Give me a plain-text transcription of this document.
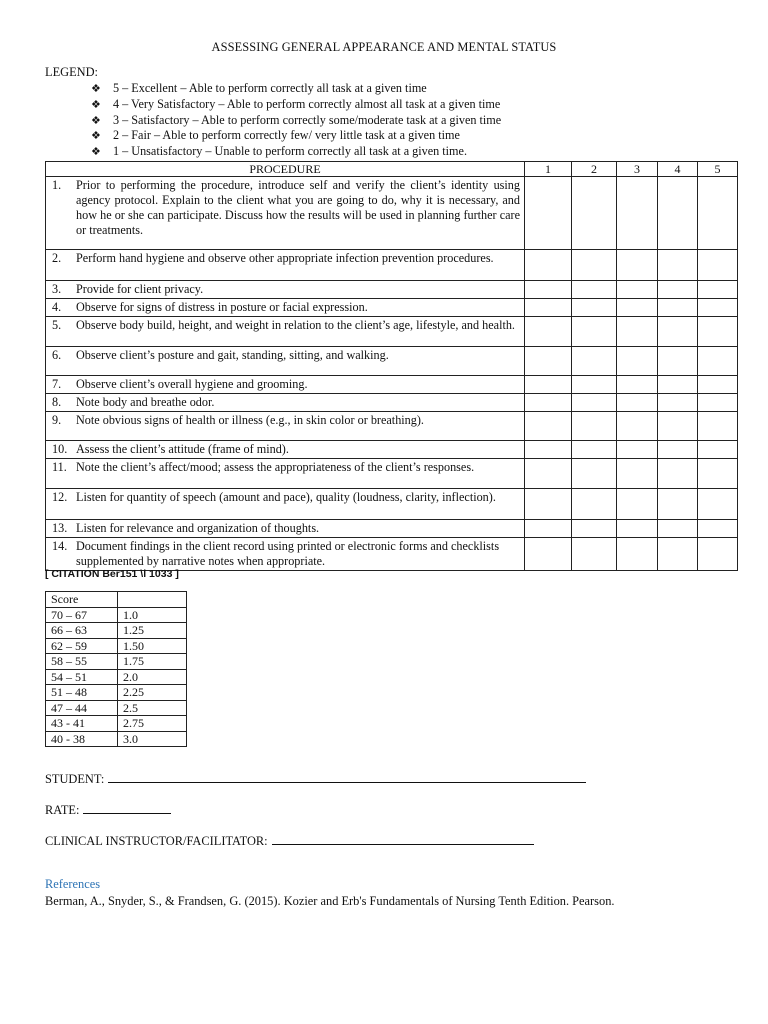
ASSESSING GENERAL APPEARANCE AND MENTAL STATUS
LEGEND:
❖ 5 – Excellent – Able to perform correctly all task at a given time
❖ 4 – Very Satisfactory – Able to perform correctly almost all task at a given time
❖ 3 – Satisfactory – Able to perform correctly some/moderate task at a given time
❖ 2 – Fair – Able to perform correctly few/ very little task at a given time
❖ 1 – Unsatisfactory – Unable to perform correctly all task at a given time.
PROCEDURE	1	2	3	4	5

1. Prior to performing the procedure, introduce self and verify the client’s identity using agency protocol. Explain to the client what you are going to do, why it is necessary, and how he or she can participate. Discuss how the results will be used in planning further care or treatments.					

2. Perform hand hygiene and observe other appropriate infection prevention procedures.					

3. Provide for client privacy.					

4. Observe for signs of distress in posture or facial expression.					

5. Observe body build, height, and weight in relation to the client’s age, lifestyle, and health.					

6. Observe client’s posture and gait, standing, sitting, and walking.					

7. Observe client’s overall hygiene and grooming.					

8. Note body and breathe odor.					

9. Note obvious signs of health or illness (e.g., in skin color or breathing).					

10. Assess the client’s attitude (frame of mind).					

11. Note the client’s affect/mood; assess the appropriateness of the client’s responses.					

12. Listen for quantity of speech (amount and pace), quality (loudness, clarity, inflection).					

13. Listen for relevance and organization of thoughts.					

14. Document findings in the client record using printed or electronic forms and checklists supplemented by narrative notes when appropriate.					

[ CITATION Ber151 \l 1033 ]
Score	
70 – 67	1.0
66 – 63	1.25
62 – 59	1.50
58 – 55	1.75
54 – 51	2.0
51 – 48	2.25
47 – 44	2.5
43 - 41	2.75
40 - 38	3.0
STUDENT:
RATE:
CLINICAL INSTRUCTOR/FACILITATOR:
References
Berman, A., Snyder, S., & Frandsen, G. (2015). Kozier and Erb's Fundamentals of Nursing Tenth Edition. Pearson.
